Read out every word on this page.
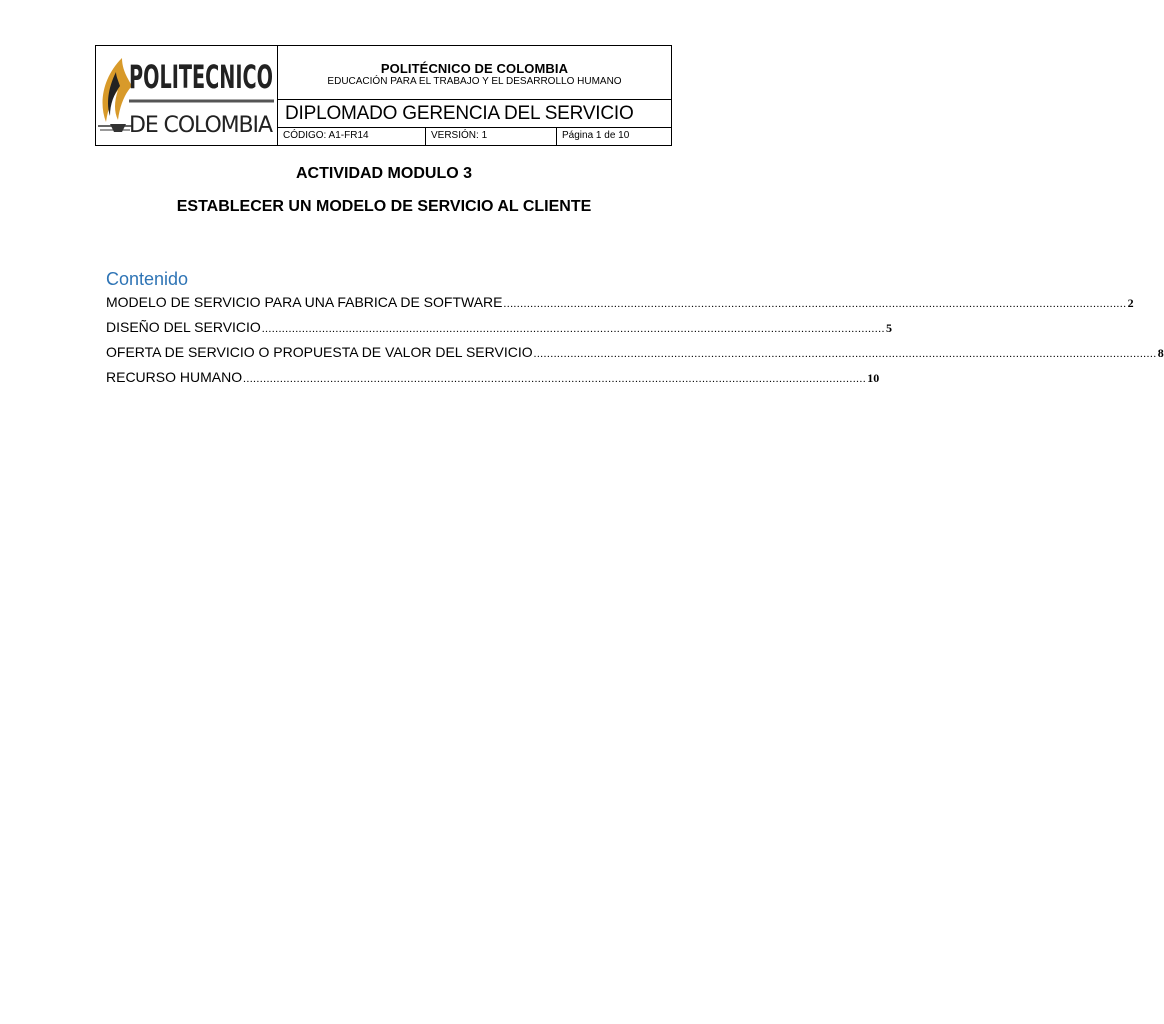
POLITECNICO
DE COLOMBIA
POLITÉCNICO DE COLOMBIA
EDUCACIÓN PARA EL TRABAJO Y EL DESARROLLO HUMANO
DIPLOMADO GERENCIA DEL SERVICIO
CÓDIGO: A1-FR14	VERSIÓN: 1	Página 1 de 10
ACTIVIDAD MODULO 3
ESTABLECER UN MODELO DE SERVICIO AL CLIENTE
Contenido
MODELO DE SERVICIO PARA UNA FABRICA DE SOFTWARE .....	2
DISEÑO DEL SERVICIO .....	5
OFERTA DE SERVICIO O PROPUESTA DE VALOR DEL SERVICIO .....	8
RECURSO HUMANO .....	10
